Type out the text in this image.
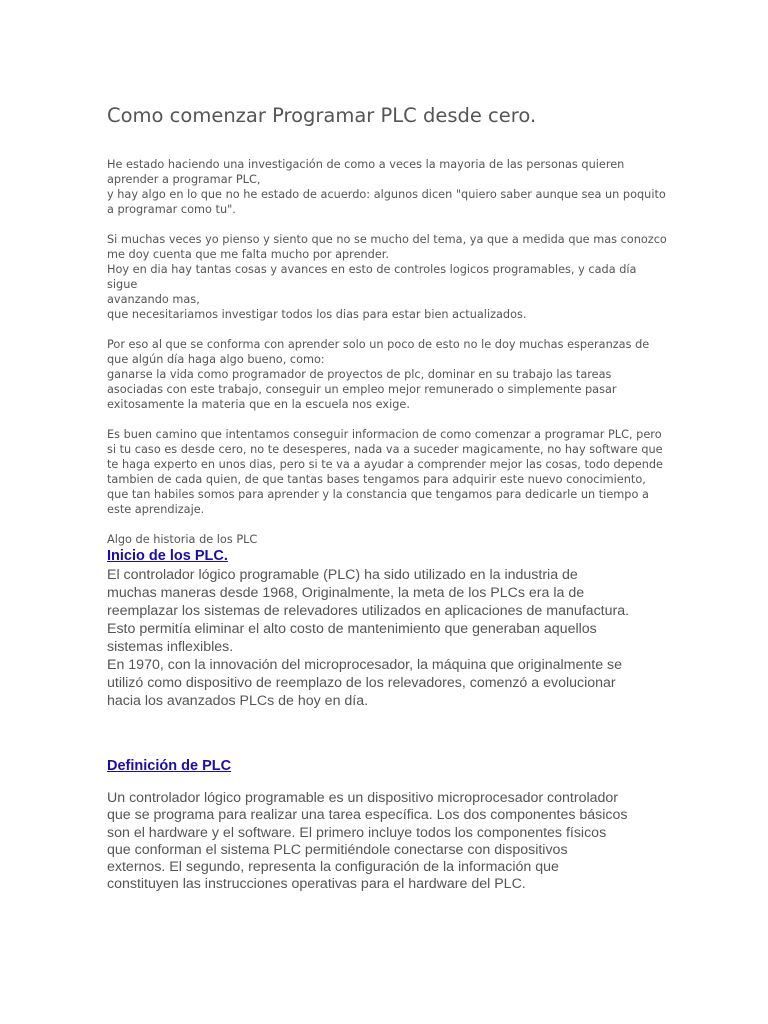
Como comenzar Programar PLC desde cero.

He estado haciendo una investigación de como a veces la mayoria de las personas quieren
aprender a programar PLC,
y hay algo en lo que no he estado de acuerdo: algunos dicen "quiero saber aunque sea un poquito
a programar como tu".

Si muchas veces yo pienso y siento que no se mucho del tema, ya que a medida que mas conozco
me doy cuenta que me falta mucho por aprender.
Hoy en dia hay tantas cosas y avances en esto de controles logicos programables, y cada día sigue
avanzando mas,
que necesitariamos investigar todos los dias para estar bien actualizados.

Por eso al que se conforma con aprender solo un poco de esto no le doy muchas esperanzas de
que algún día haga algo bueno, como:
ganarse la vida como programador de proyectos de plc, dominar en su trabajo las tareas
asociadas con este trabajo, conseguir un empleo mejor remunerado o simplemente pasar
exitosamente la materia que en la escuela nos exige.

Es buen camino que intentamos conseguir informacion de como comenzar a programar PLC, pero
si tu caso es desde cero, no te desesperes, nada va a suceder magicamente, no hay software que
te haga experto en unos dias, pero si te va a ayudar a comprender mejor las cosas, todo depende
tambien de cada quien, de que tantas bases tengamos para adquirir este nuevo conocimiento,
que tan habiles somos para aprender y la constancia que tengamos para dedicarle un tiempo a
este aprendizaje.

Algo de historia de los PLC

Inicio de los PLC.

El controlador lógico programable (PLC) ha sido utilizado en la industria de
muchas maneras desde 1968, Originalmente, la meta de los PLCs era la de
reemplazar los sistemas de relevadores utilizados en aplicaciones de manufactura.
Esto permitía eliminar el alto costo de mantenimiento que generaban aquellos
sistemas inflexibles.
En 1970, con la innovación del microprocesador, la máquina que originalmente se
utilizó como dispositivo de reemplazo de los relevadores, comenzó a evolucionar
hacia los avanzados PLCs de hoy en día.

Definición de PLC

Un controlador lógico programable es un dispositivo microprocesador controlador
que se programa para realizar una tarea específica. Los dos componentes básicos
son el hardware y el software. El primero incluye todos los componentes físicos
que conforman el sistema PLC permitiéndole conectarse con dispositivos
externos. El segundo, representa la configuración de la información que
constituyen las instrucciones operativas para el hardware del PLC.
